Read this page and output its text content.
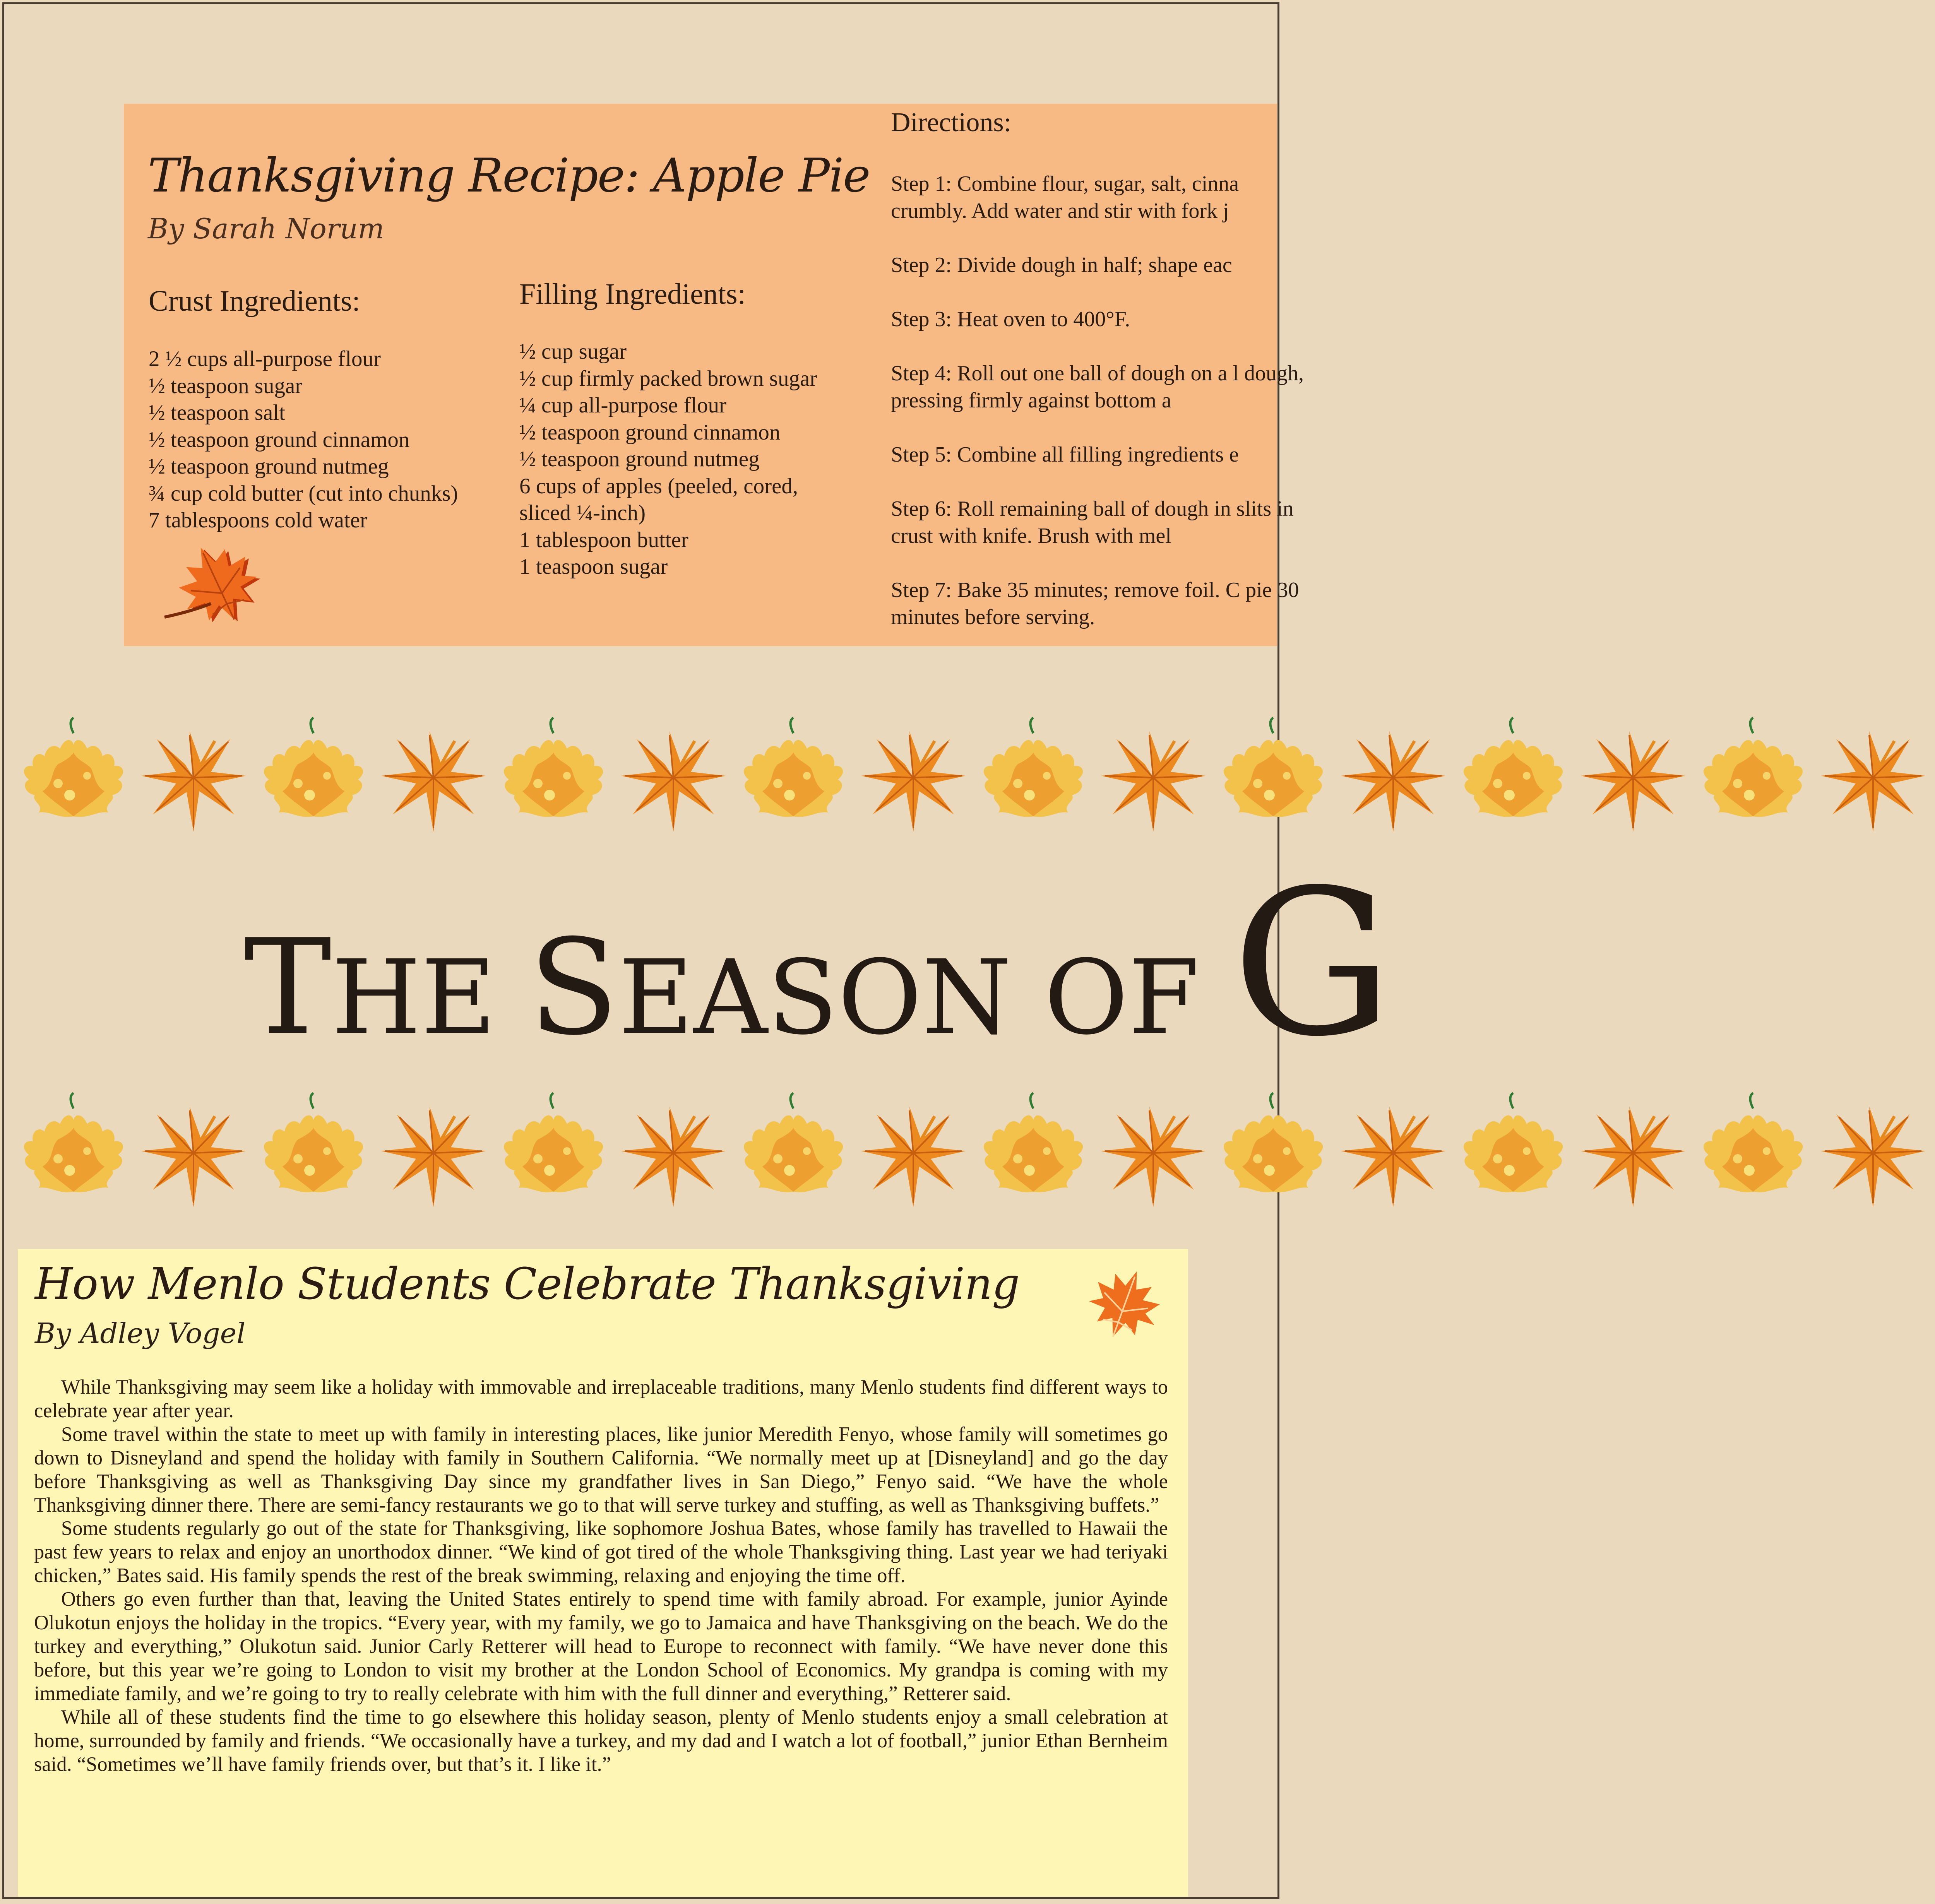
Thanksgiving Recipe: Apple Pie
By Sarah Norum
Crust Ingredients:
2 ½ cups all-purpose flour
½ teaspoon sugar
½ teaspoon salt
½ teaspoon ground cinnamon
½ teaspoon ground nutmeg
¾ cup cold butter (cut into chunks)
7 tablespoons cold water
Filling Ingredients:
½ cup sugar
½ cup firmly packed brown sugar
¼ cup all-purpose flour
½ teaspoon ground cinnamon
½ teaspoon ground nutmeg
6 cups of apples (peeled, cored,
sliced ¼-inch)
1 tablespoon butter
1 teaspoon sugar
Directions:
Step 1: Combine flour, sugar, salt, cinna crumbly. Add water and stir with fork j
Step 2: Divide dough in half; shape eac
Step 3: Heat oven to 400°F.
Step 4: Roll out one ball of dough on a l dough, pressing firmly against bottom a
Step 5: Combine all filling ingredients e
Step 6: Roll remaining ball of dough in slits in crust with knife. Brush with mel
Step 7: Bake 35 minutes; remove foil. C pie 30 minutes before serving.
THE SEASON OF G
How Menlo Students Celebrate Thanksgiving
By Adley Vogel

While Thanksgiving may seem like a holiday with immovable and irreplaceable traditions, many Menlo students find different ways to celebrate year after year.

Some travel within the state to meet up with family in interesting places, like junior Meredith Fenyo, whose family will sometimes go down to Disneyland and spend the holiday with family in Southern California. “We normally meet up at [Disneyland] and go the day before Thanksgiving as well as Thanksgiving Day since my grandfather lives in San Diego,” Fenyo said. “We have the whole Thanksgiving dinner there. There are semi-fancy restaurants we go to that will serve turkey and stuffing, as well as Thanksgiving buffets.”

Some students regularly go out of the state for Thanksgiving, like sophomore Joshua Bates, whose family has travelled to Hawaii the past few years to relax and enjoy an unorthodox dinner. “We kind of got tired of the whole Thanksgiving thing. Last year we had teriyaki chicken,” Bates said. His family spends the rest of the break swimming, relaxing and enjoying the time off.

Others go even further than that, leaving the United States entirely to spend time with family abroad. For example, junior Ayinde Olukotun enjoys the holiday in the tropics. “Every year, with my family, we go to Jamaica and have Thanksgiving on the beach. We do the turkey and everything,” Olukotun said. Junior Carly Retterer will head to Europe to reconnect with family. “We have never done this before, but this year we’re going to London to visit my brother at the London School of Economics. My grandpa is coming with my immediate family, and we’re going to try to really celebrate with him with the full dinner and everything,” Retterer said.

While all of these students find the time to go elsewhere this holiday season, plenty of Menlo students enjoy a small celebration at home, surrounded by family and friends. “We occasionally have a turkey, and my dad and I watch a lot of football,” junior Ethan Bernheim said. “Sometimes we’ll have family friends over, but that’s it. I like it.”
